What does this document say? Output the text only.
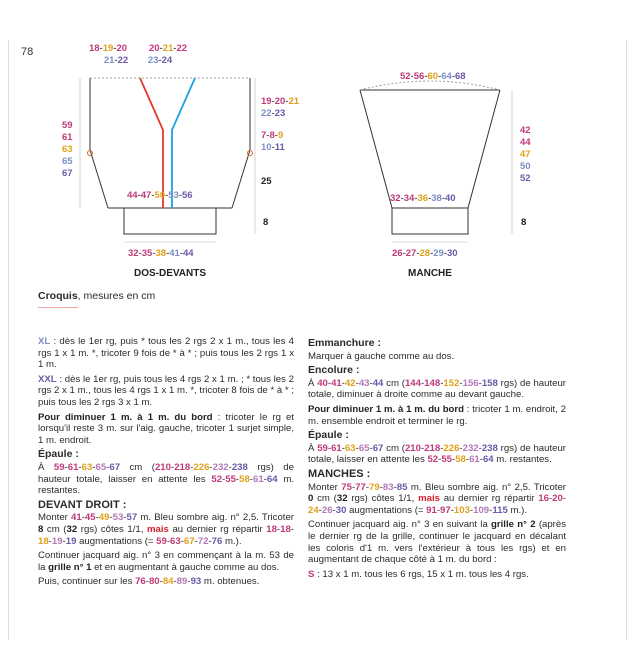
78	18-19-20
21-22
20-21-22
23-24
59
61
63
65
67
19-20-21
22-23
7-8-9
10-11
25
8
44-47-50-53-56
32-35-38-41-44
DOS-DEVANTS
52-56-60-64-68
42
44
47
50
52
32-34-36-38-40
8
26-27-28-29-30
MANCHE
Croquis, mesures en cm

XL : dès le 1er rg, puis * tous les 2 rgs 2 x 1 m., tous les 4 rgs 1 x 1 m. *, tricoter 9 fois de * à * ; puis tous les 2 rgs 1 x 1 m.

XXL : dès le 1er rg, puis tous les 4 rgs 2 x 1 m. ; * tous les 2 rgs 2 x 1 m., tous les 4 rgs 1 x 1 m. *, tricoter 8 fois de * à * ; puis tous les 2 rgs 3 x 1 m.

Pour diminuer 1 m. à 1 m. du bord : tricoter le rg et lorsqu'il reste 3 m. sur l'aig. gauche, tricoter 1 surjet simple, 1 m. endroit.

Épaule :

À 59-61-63-65-67 cm (210-218-226-232-238 rgs) de hauteur totale, laisser en attente les 52-55-58-61-64 m. restantes.

DEVANT DROIT :

Monter 41-45-49-53-57 m. Bleu sombre aig. n° 2,5. Tricoter 8 cm (32 rgs) côtes 1/1, mais au dernier rg répartir 18-18-18-19-19 augmentations (= 59-63-67-72-76 m.).

Continuer jacquard aig. n° 3 en commençant à la m. 53 de la grille n° 1 et en augmentant à gauche comme au dos.

Puis, continuer sur les 76-80-84-89-93 m. obtenues.

Emmanchure :

Marquer à gauche comme au dos.

Encolure :

À 40-41-42-43-44 cm (144-148-152-156-158 rgs) de hauteur totale, diminuer à droite comme au devant gauche.

Pour diminuer 1 m. à 1 m. du bord : tricoter 1 m. endroit, 2 m. ensemble endroit et terminer le rg.

Épaule :

À 59-61-63-65-67 cm (210-218-226-232-238 rgs) de hauteur totale, laisser en attente les 52-55-58-61-64 m. restantes.

MANCHES :

Monter 75-77-79-83-85 m. Bleu sombre aig. n° 2,5. Tricoter 0 cm (32 rgs) côtes 1/1, mais au dernier rg répartir 16-20-24-26-30 augmentations (= 91-97-103-109-115 m.).

Continuer jacquard aig. n° 3 en suivant la grille n° 2 (après le dernier rg de la grille, continuer le jacquard en décalant les coloris d'1 m. vers l'extérieur à tous les rgs) et en augmentant de chaque côté à 1 m. du bord :

S : 13 x 1 m. tous les 6 rgs, 15 x 1 m. tous les 4 rgs.
